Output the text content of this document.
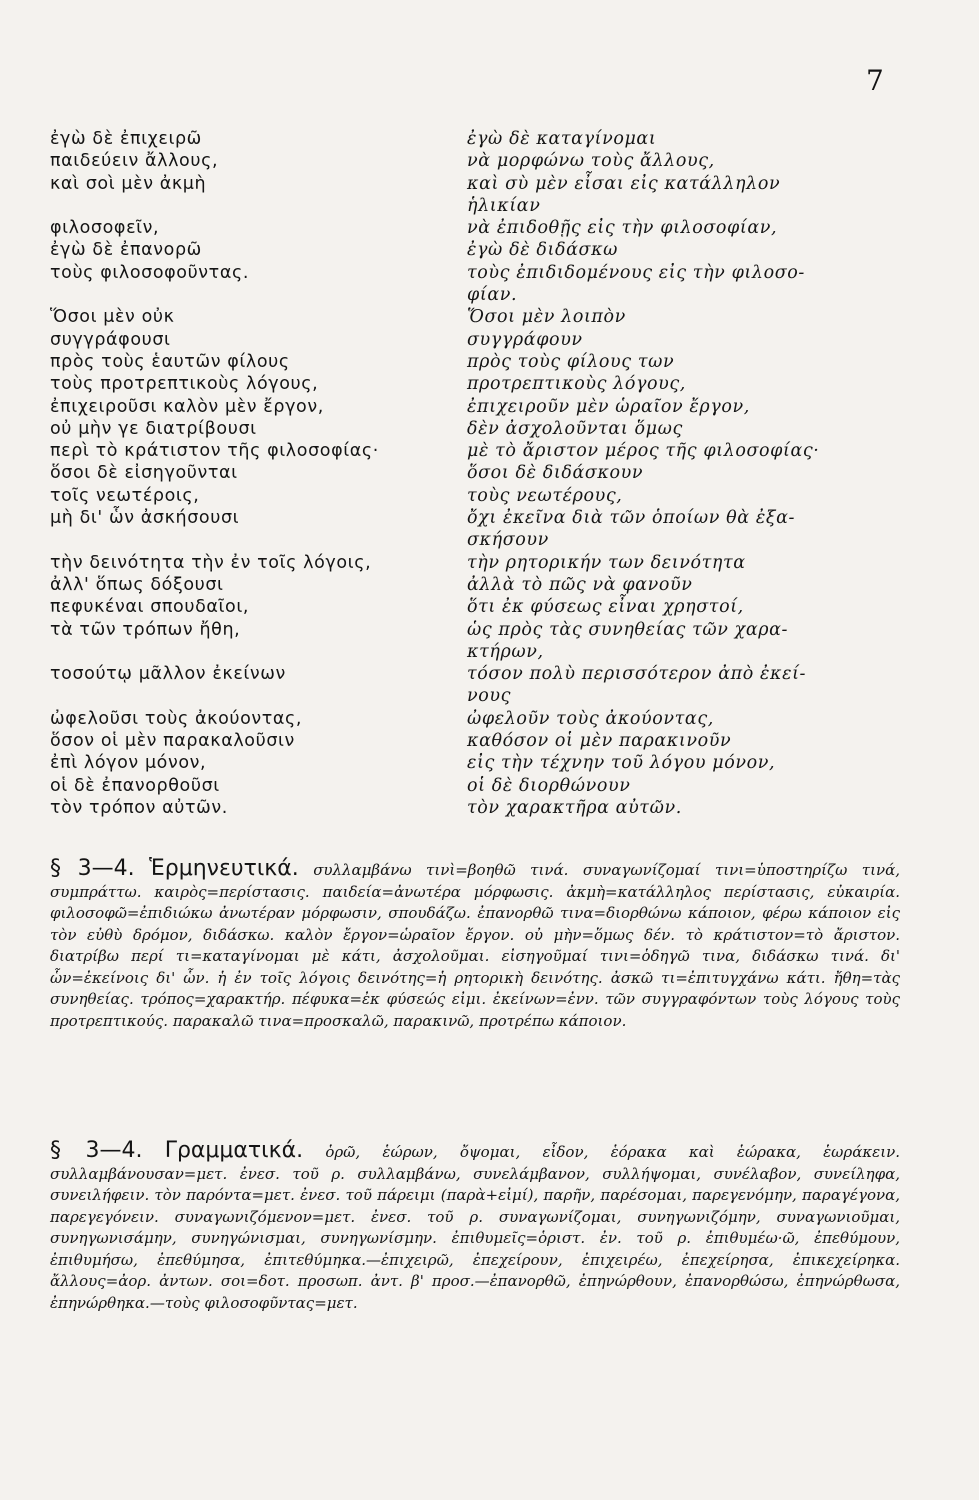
7
ἐγὼ δὲ ἐπιχειρῶ
παιδεύειν ἄλλους,
καὶ σοὶ μὲν ἀκμὴ
φιλοσοφεῖν,
ἐγὼ δὲ ἐπανορῶ
τοὺς φιλοσοφοῦντας.
Ὅσοι μὲν οὐκ
συγγράφουσι
πρὸς τοὺς ἑαυτῶν φίλους
τοὺς προτρεπτικοὺς λόγους,
ἐπιχειροῦσι καλὸν μὲν ἔργον,
οὐ μὴν γε διατρίβουσι
περὶ τὸ κράτιστον τῆς φιλοσοφίας·
ὅσοι δὲ εἰσηγοῦνται
τοῖς νεωτέροις,
μὴ δι' ὧν ἀσκήσουσι
τὴν δεινότητα τὴν ἐν τοῖς λόγοις,
ἀλλ' ὅπως δόξουσι
πεφυκέναι σπουδαῖοι,
τὰ τῶν τρόπων ἤθη,
τοσούτῳ μᾶλλον ἐκείνων
ὠφελοῦσι τοὺς ἀκούοντας,
ὅσον οἱ μὲν παρακαλοῦσιν
ἐπὶ λόγον μόνον,
οἱ δὲ ἐπανορθοῦσι
τὸν τρόπον αὐτῶν.
ἐγὼ δὲ καταγίνομαι
νὰ μορφώνω τοὺς ἄλλους,
καὶ σὺ μὲν εἶσαι εἰς κατάλληλον
ἡλικίαν
νὰ ἐπιδοθῇς εἰς τὴν φιλοσοφίαν,
ἐγὼ δὲ διδάσκω
τοὺς ἐπιδιδομένους εἰς τὴν φιλοσο-
φίαν.
Ὅσοι μὲν λοιπὸν
συγγράφουν
πρὸς τοὺς φίλους των
προτρεπτικοὺς λόγους,
ἐπιχειροῦν μὲν ὡραῖον ἔργον,
δὲν ἀσχολοῦνται ὅμως
μὲ τὸ ἄριστον μέρος τῆς φιλοσοφίας·
ὅσοι δὲ διδάσκουν
τοὺς νεωτέρους,
ὄχι ἐκεῖνα διὰ τῶν ὁποίων θὰ ἐξα-
σκήσουν
τὴν ρητορικήν των δεινότητα
ἀλλὰ τὸ πῶς νὰ φανοῦν
ὅτι ἐκ φύσεως εἶναι χρηστοί,
ὡς πρὸς τὰς συνηθείας τῶν χαρα-
κτήρων,
τόσον πολὺ περισσότερον ἀπὸ ἐκεί-
νους
ὠφελοῦν τοὺς ἀκούοντας,
καθόσον οἱ μὲν παρακινοῦν
εἰς τὴν τέχνην τοῦ λόγου μόνον,
οἱ δὲ διορθώνουν
τὸν χαρακτῆρα αὐτῶν.
§ 3—4. Ἑρμηνευτικά. συλλαμβάνω τινὶ=βοηθῶ τινά. συναγωνίζομαί τινι=ὑποστηρίζω τινά, συμπράττω. καιρὸς=περίστασις. παιδεία=ἀνωτέρα μόρφωσις. ἀκμὴ=κατάλληλος περίστασις, εὐκαιρία. φιλοσοφῶ=ἐπιδιώκω ἀνωτέραν μόρφωσιν, σπουδάζω. ἐπανορθῶ τινα=διορθώνω κάποιον, φέρω κάποιον εἰς τὸν εὐθὺ δρόμον, διδάσκω. καλὸν ἔργον=ὡραῖον ἔργον. οὐ μὴν=ὅμως δέν. τὸ κράτιστον=τὸ ἄριστον. διατρίβω περί τι=καταγίνομαι μὲ κάτι, ἀσχολοῦμαι. εἰσηγοῦμαί τινι=ὁδηγῶ τινα, διδάσκω τινά. δι' ὧν=ἐκείνοις δι' ὧν. ἡ ἐν τοῖς λόγοις δεινότης=ἡ ρητορικὴ δεινότης. ἀσκῶ τι=ἐπιτυγχάνω κάτι. ἤθη=τὰς συνηθείας. τρόπος=χαρακτήρ. πέφυκα=ἐκ φύσεώς εἰμι. ἐκείνων=ἐνν. τῶν συγγραφόντων τοὺς λόγους τοὺς προτρεπτικούς. παρακαλῶ τινα=προσκαλῶ, παρακινῶ, προτρέπω κάποιον.
§ 3—4. Γραμματικά. ὁρῶ, ἑώρων, ὄψομαι, εἶδον, ἑόρακα καὶ ἑώρακα, ἑωράκειν. συλλαμβάνουσαν=μετ. ἐνεσ. τοῦ ρ. συλλαμβάνω, συνελάμβανον, συλλήψομαι, συνέλαβον, συνείληφα, συνειλήφειν. τὸν παρόντα=μετ. ἐνεσ. τοῦ πάρειμι (παρὰ+εἰμί), παρῆν, παρέσομαι, παρεγενόμην, παραγέγονα, παρεγεγόνειν. συναγωνιζόμενον=μετ. ἐνεσ. τοῦ ρ. συναγωνίζομαι, συνηγωνιζόμην, συναγωνιοῦμαι, συνηγωνισάμην, συνηγώνισμαι, συνηγωνίσμην. ἐπιθυμεῖς=ὁριστ. ἐν. τοῦ ρ. ἐπιθυμέω·ῶ, ἐπεθύμουν, ἐπιθυμήσω, ἐπεθύμησα, ἐπιτεθύμηκα.—ἐπιχειρῶ, ἐπεχείρουν, ἐπιχειρέω, ἐπεχείρησα, ἐπικεχείρηκα. ἄλλους=ἀορ. ἀντων. σοι=δοτ. προσωπ. ἀντ. β' προσ.—ἐπανορθῶ, ἐπηνώρθουν, ἐπανορθώσω, ἐπηνώρθωσα, ἐπηνώρθηκα.—τοὺς φιλοσοφῦντας=μετ.
